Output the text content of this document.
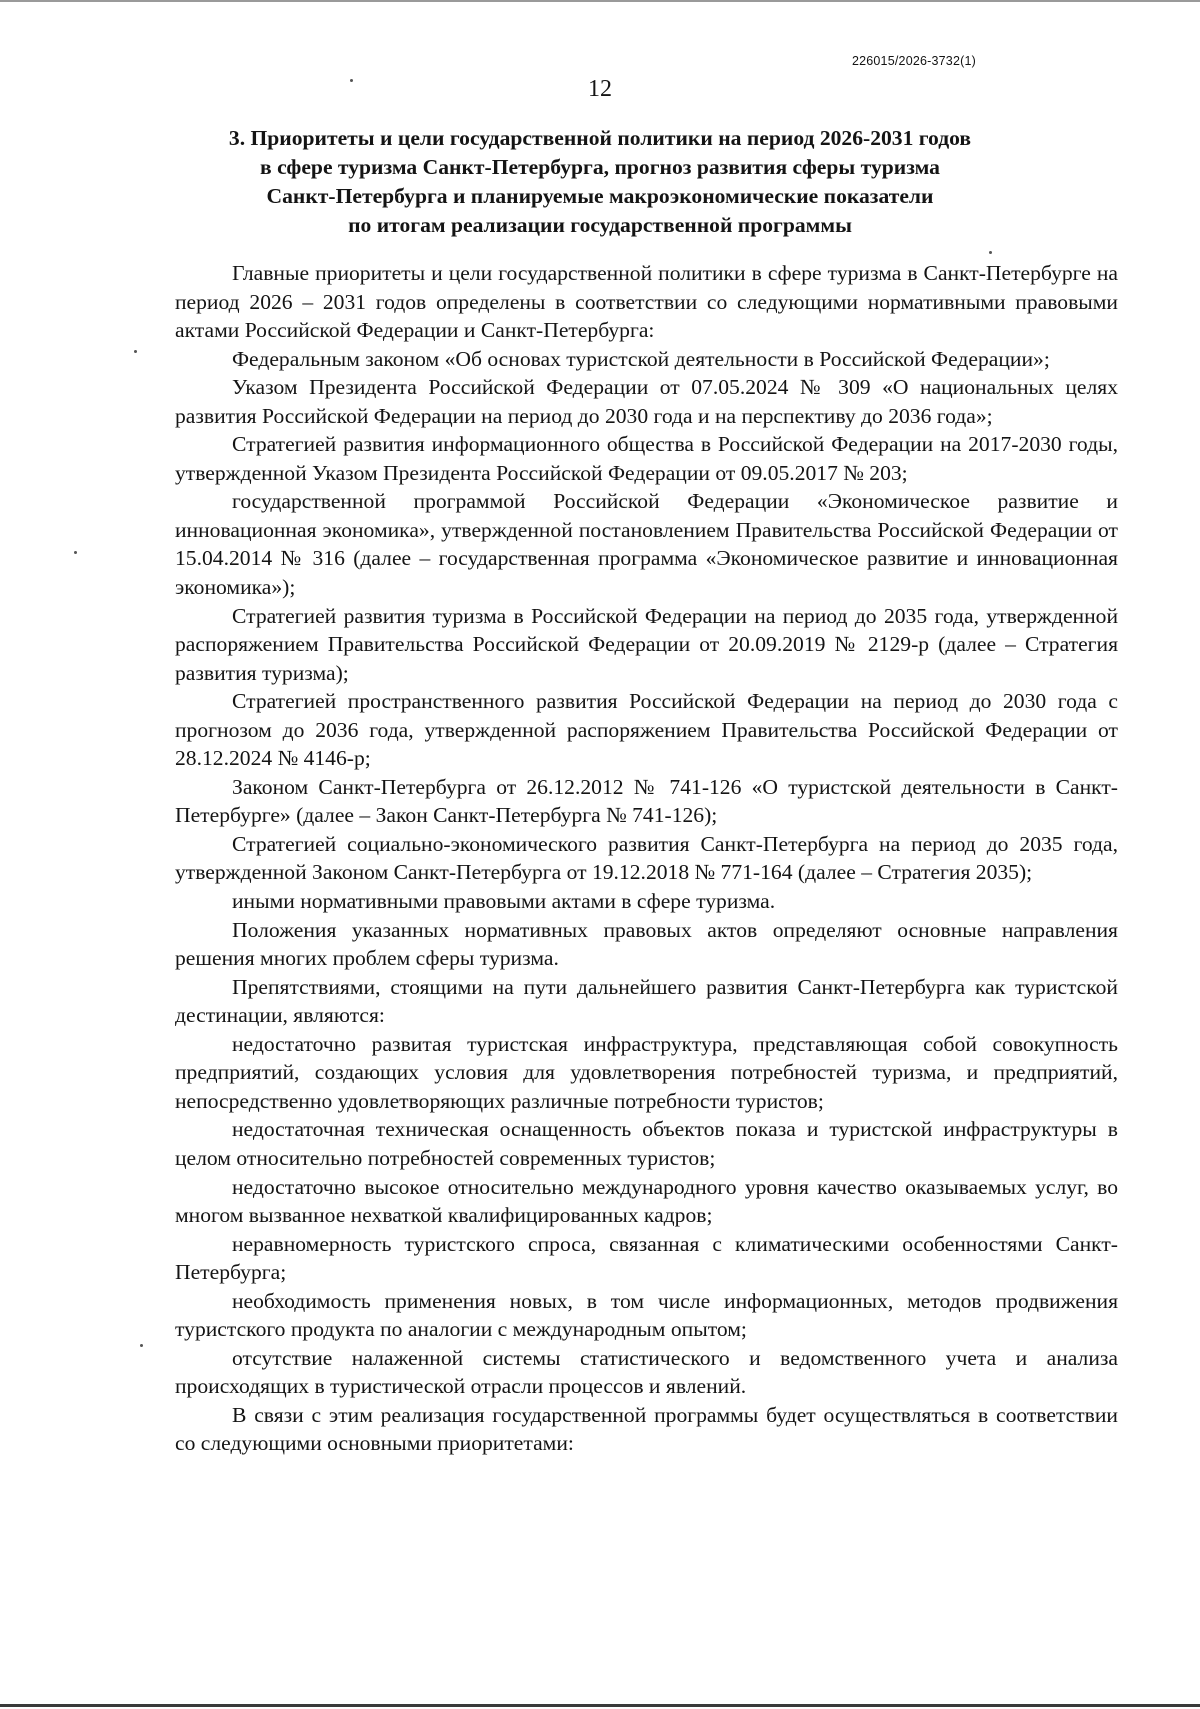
226015/2026-3732(1)
12
3. Приоритеты и цели государственной политики на период 2026-2031 годов
в сфере туризма Санкт-Петербурга, прогноз развития сферы туризма
Санкт-Петербурга и планируемые макроэкономические показатели
по итогам реализации государственной программы

Главные приоритеты и цели государственной политики в сфере туризма в Санкт-Петербурге на период 2026 – 2031 годов определены в соответствии со следующими нормативными правовыми актами Российской Федерации и Санкт-Петербурга:

Федеральным законом «Об основах туристской деятельности в Российской Федерации»;

Указом Президента Российской Федерации от 07.05.2024 № 309 «О национальных целях развития Российской Федерации на период до 2030 года и на перспективу до 2036 года»;

Стратегией развития информационного общества в Российской Федерации на 2017-2030 годы, утвержденной Указом Президента Российской Федерации от 09.05.2017 № 203;

государственной программой Российской Федерации «Экономическое развитие и инновационная экономика», утвержденной постановлением Правительства Российской Федерации от 15.04.2014 № 316 (далее – государственная программа «Экономическое развитие и инновационная экономика»);

Стратегией развития туризма в Российской Федерации на период до 2035 года, утвержденной распоряжением Правительства Российской Федерации от 20.09.2019 № 2129-р (далее – Стратегия развития туризма);

Стратегией пространственного развития Российской Федерации на период до 2030 года с прогнозом до 2036 года, утвержденной распоряжением Правительства Российской Федерации от 28.12.2024 № 4146-р;

Законом Санкт-Петербурга от 26.12.2012 № 741-126 «О туристской деятельности в Санкт-Петербурге» (далее – Закон Санкт-Петербурга № 741-126);

Стратегией социально-экономического развития Санкт-Петербурга на период до 2035 года, утвержденной Законом Санкт-Петербурга от 19.12.2018 № 771-164 (далее – Стратегия 2035);

иными нормативными правовыми актами в сфере туризма.

Положения указанных нормативных правовых актов определяют основные направления решения многих проблем сферы туризма.

Препятствиями, стоящими на пути дальнейшего развития Санкт-Петербурга как туристской дестинации, являются:

недостаточно развитая туристская инфраструктура, представляющая собой совокупность предприятий, создающих условия для удовлетворения потребностей туризма, и предприятий, непосредственно удовлетворяющих различные потребности туристов;

недостаточная техническая оснащенность объектов показа и туристской инфраструктуры в целом относительно потребностей современных туристов;

недостаточно высокое относительно международного уровня качество оказываемых услуг, во многом вызванное нехваткой квалифицированных кадров;

неравномерность туристского спроса, связанная с климатическими особенностями Санкт-Петербурга;

необходимость применения новых, в том числе информационных, методов продвижения туристского продукта по аналогии с международным опытом;

отсутствие налаженной системы статистического и ведомственного учета и анализа происходящих в туристической отрасли процессов и явлений.

В связи с этим реализация государственной программы будет осуществляться в соответствии со следующими основными приоритетами:
